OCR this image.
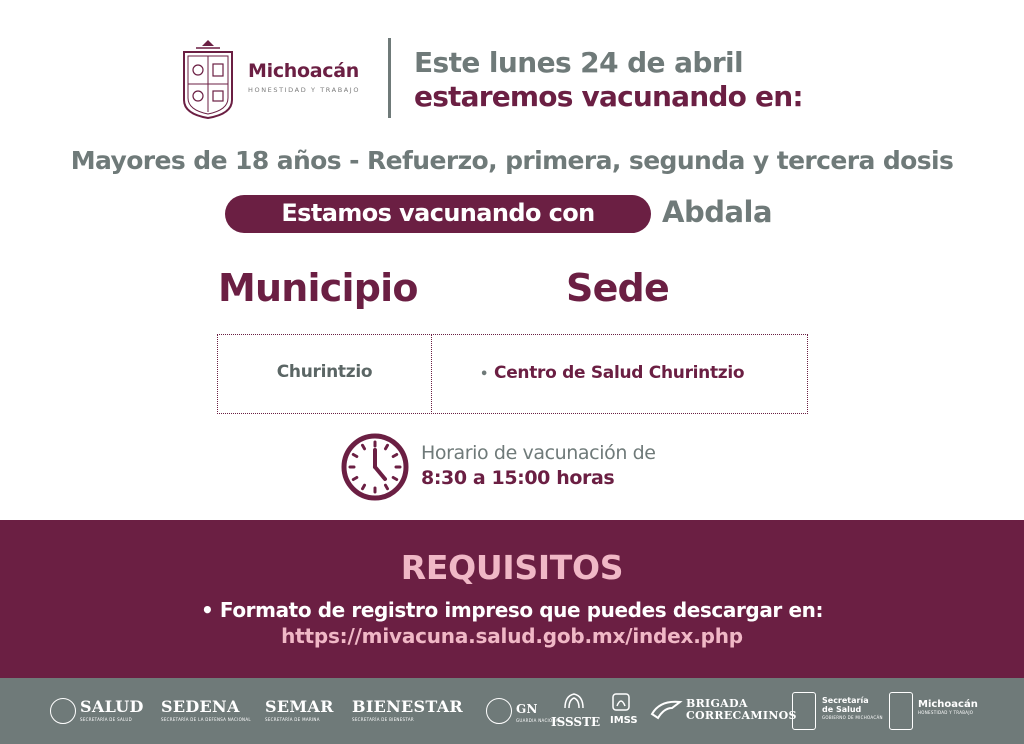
Michoacán
HONESTIDAD Y TRABAJO
Este lunes 24 de abril
estaremos vacunando en:
Mayores de 18 años - Refuerzo, primera, segunda y tercera dosis
Estamos vacunando con	Abdala
Municipio	Sede
Churintzio	• Centro de Salud Churintzio
Horario de vacunación de
8:30 a 15:00 horas
REQUISITOS
• Formato de registro impreso que puedes descargar en:
https://mivacuna.salud.gob.mx/index.php
SALUD
SECRETARÍA DE SALUD
SEDENA
SECRETARÍA DE LA DEFENSA NACIONAL
SEMAR
SECRETARÍA DE MARINA
BIENESTAR
SECRETARÍA DE BIENESTAR
GN
GUARDIA NACIONAL
ISSSTE IMSS
BRIGADA
CORRECAMINOS
Secretaría
de Salud
GOBIERNO DE MICHOACÁN
Michoacán
HONESTIDAD Y TRABAJO
